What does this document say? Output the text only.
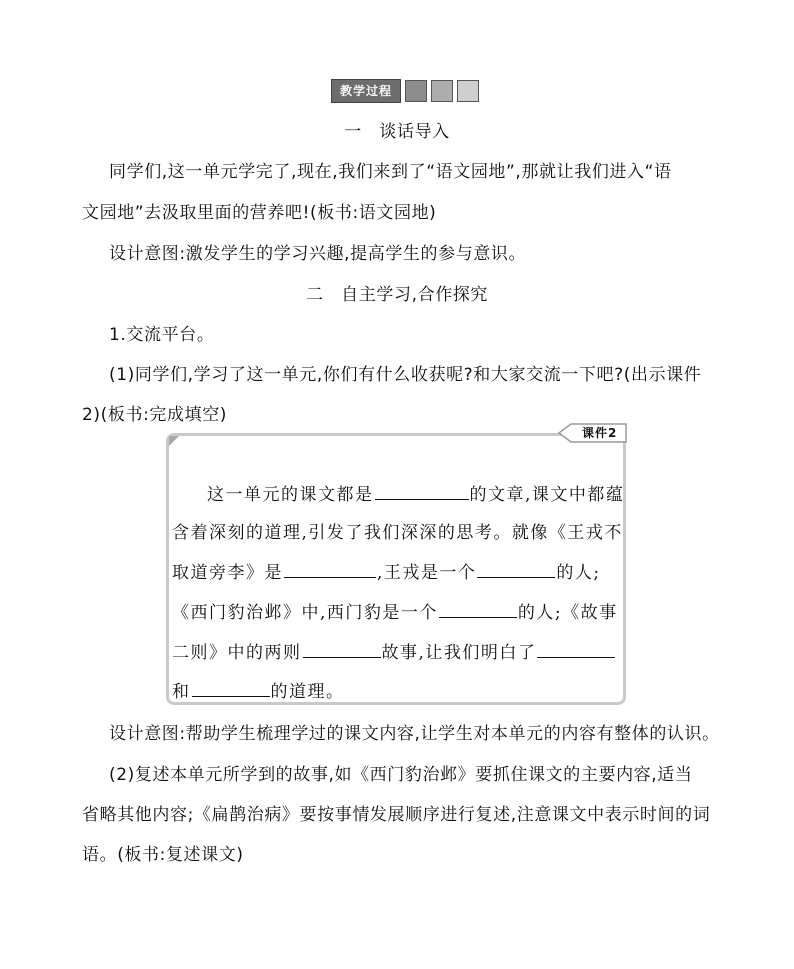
教学过程
一　谈话导入
同学们,这一单元学完了,现在,我们来到了“语文园地”,那就让我们进入“语
文园地”去汲取里面的营养吧!(板书:语文园地)
设计意图:激发学生的学习兴趣,提高学生的参与意识。
二　自主学习,合作探究
1.交流平台。
(1)同学们,学习了这一单元,你们有什么收获呢?和大家交流一下吧?(出示课件
2)(板书:完成填空)
课件2
这一单元的课文都是	的文章,课文中都蕴
含着深刻的道理,引发了我们深深的思考。就像《王戎不
取道旁李》是	,王戎是一个	的人;
《西门豹治邺》中,西门豹是一个	的人;《故事
二则》中的两则	故事,让我们明白了
和	的道理。
设计意图:帮助学生梳理学过的课文内容,让学生对本单元的内容有整体的认识。
(2)复述本单元所学到的故事,如《西门豹治邺》要抓住课文的主要内容,适当
省略其他内容;《扁鹊治病》要按事情发展顺序进行复述,注意课文中表示时间的词
语。(板书:复述课文)
